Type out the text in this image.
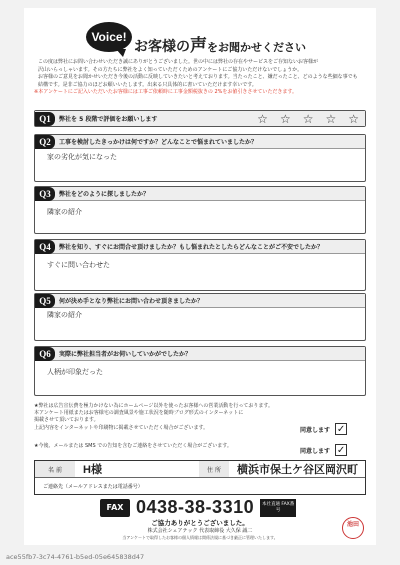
Voice!
お客様の声をお聞かせください

この度は弊社にお問い合わせいただき誠にありがとうございました。世の中には弊社の存在やサービスをご存知ないお客様が

沢山いらっしゃいます。その方たちに弊社をよく知っていただくためのアンケートにご協力いただけないでしょうか。

お客様のご意見をお聞かせいただき今後の活動に反映していきたいと考えております。当たったこと、嫌だったこと、どのような些細な事でも

結構です。是非ご協力のほどお願いいたします。出来る只具体的に書いていただけます幸いです。

※本アンケートにご記入いただいたお客様には工事ご依頼時に工事金額税抜きの 2%をお値引きさせていただきます。

Q1	弊社を 5 段階で評価をお願いします	☆ ☆ ☆ ☆ ☆
Q2	工事を検討したきっかけは何ですか？どんなことで悩まれていましたか？
家の劣化が気になった
Q3	弊社をどのように探しましたか？
隣家の紹介
Q4	弊社を知り、すぐにお問合せ頂けましたか？もし悩まれたとしたらどんなことがご不安でしたか？
すぐに問い合わせた
Q5	何が決め手となり弊社にお問い合わせ頂きましたか？
隣家の紹介
Q6	実際に弊社担当者がお伺いしていかがでしたか？
人柄が印象だった

★弊社は広告宣伝費を極力かけない為にホームページ以外を使ったお客様への営業活動を行っております。

本アンケート用紙またはお客様宅の調査風景や施工状況を随時ブログ形式のインターネットに

掲載させて頂いております。

上記内容をインターネットや印刷物に掲載させていただく場合がございます。	同意します ✓

★今後、メールまたは SMS での告知を含むご連絡をさせていただく場合がございます。

同意します ✓
名 前	H様	住 所	横浜市保土ケ谷区岡沢町
ご連絡先（メールアドレスまたは電話番号）
FAX 0438-38-3310	本社直通 FAX番号
ご協力ありがとうございました。
株式会社シェアテック 代表取締役 大久保 誠二
当アンケートで取得したお客様の個人情報は関係法規に基づき厳正に管理いたします。
池田
ace55fb7-3c74-4761-b5ed-05e645838d47
